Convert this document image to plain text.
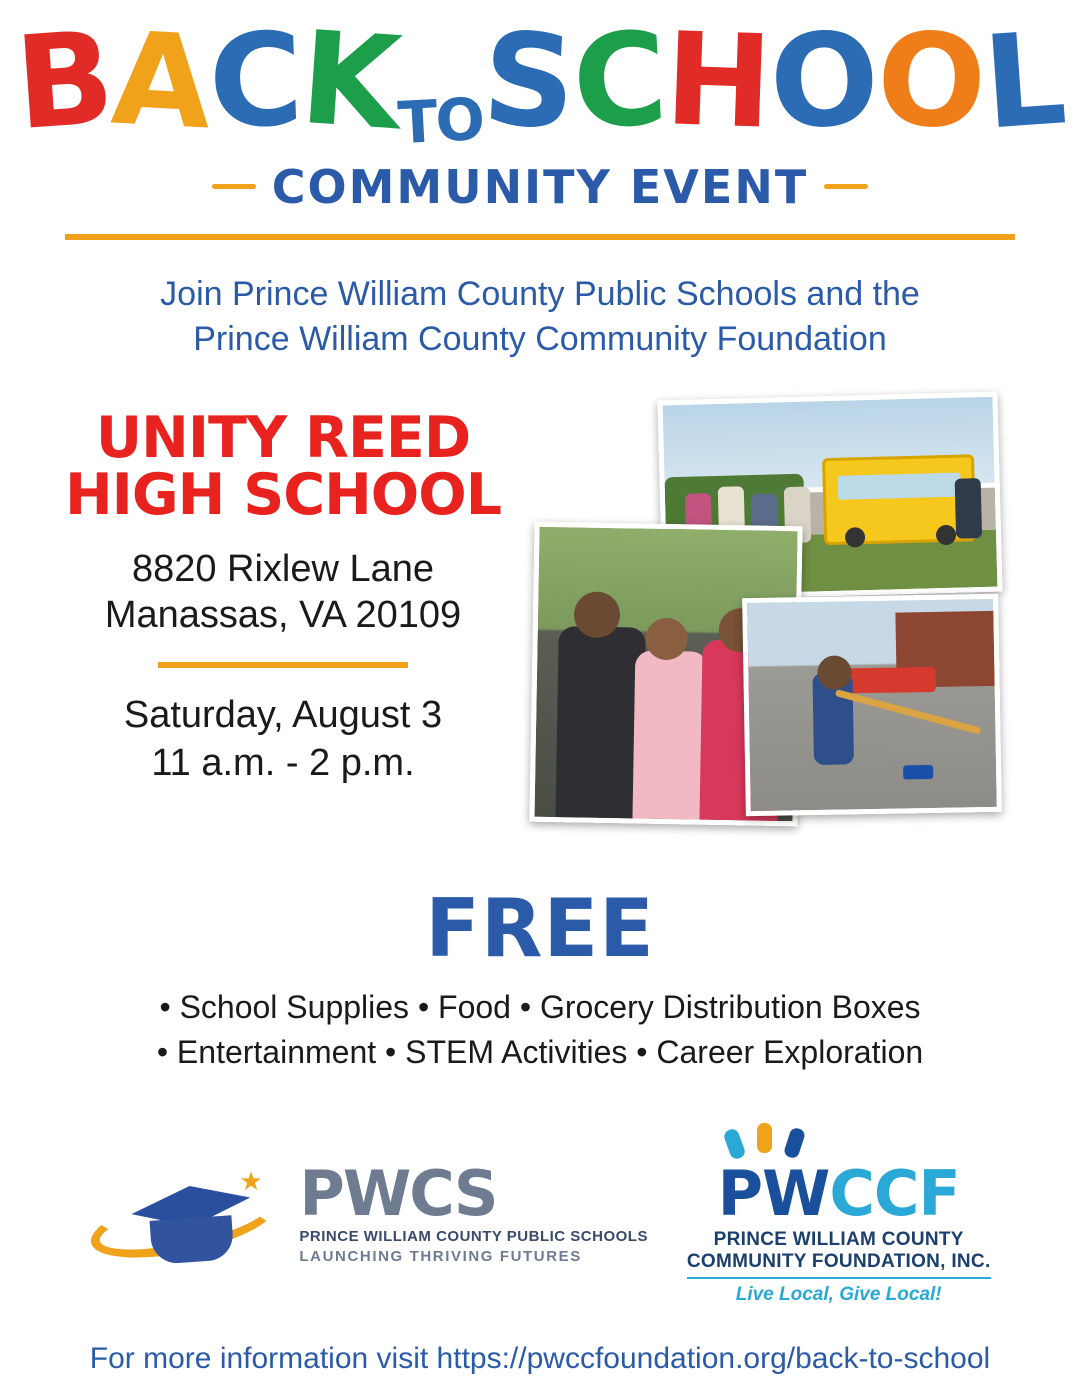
BACKTOSCHOOL
COMMUNITY EVENT
Join Prince William County Public Schools and the
Prince William County Community Foundation
UNITY REED
HIGH SCHOOL
8820 Rixlew Lane
Manassas, VA 20109
Saturday, August 3
11 a.m. - 2 p.m.
FREE
• School Supplies • Food • Grocery Distribution Boxes
• Entertainment • STEM Activities • Career Exploration
★ PWCS
PRINCE WILLIAM COUNTY PUBLIC SCHOOLS
LAUNCHING THRIVING FUTURES
PWCCF
PRINCE WILLIAM COUNTY
COMMUNITY FOUNDATION, INC.
Live Local, Give Local!
For more information visit https://pwccfoundation.org/back-to-school
